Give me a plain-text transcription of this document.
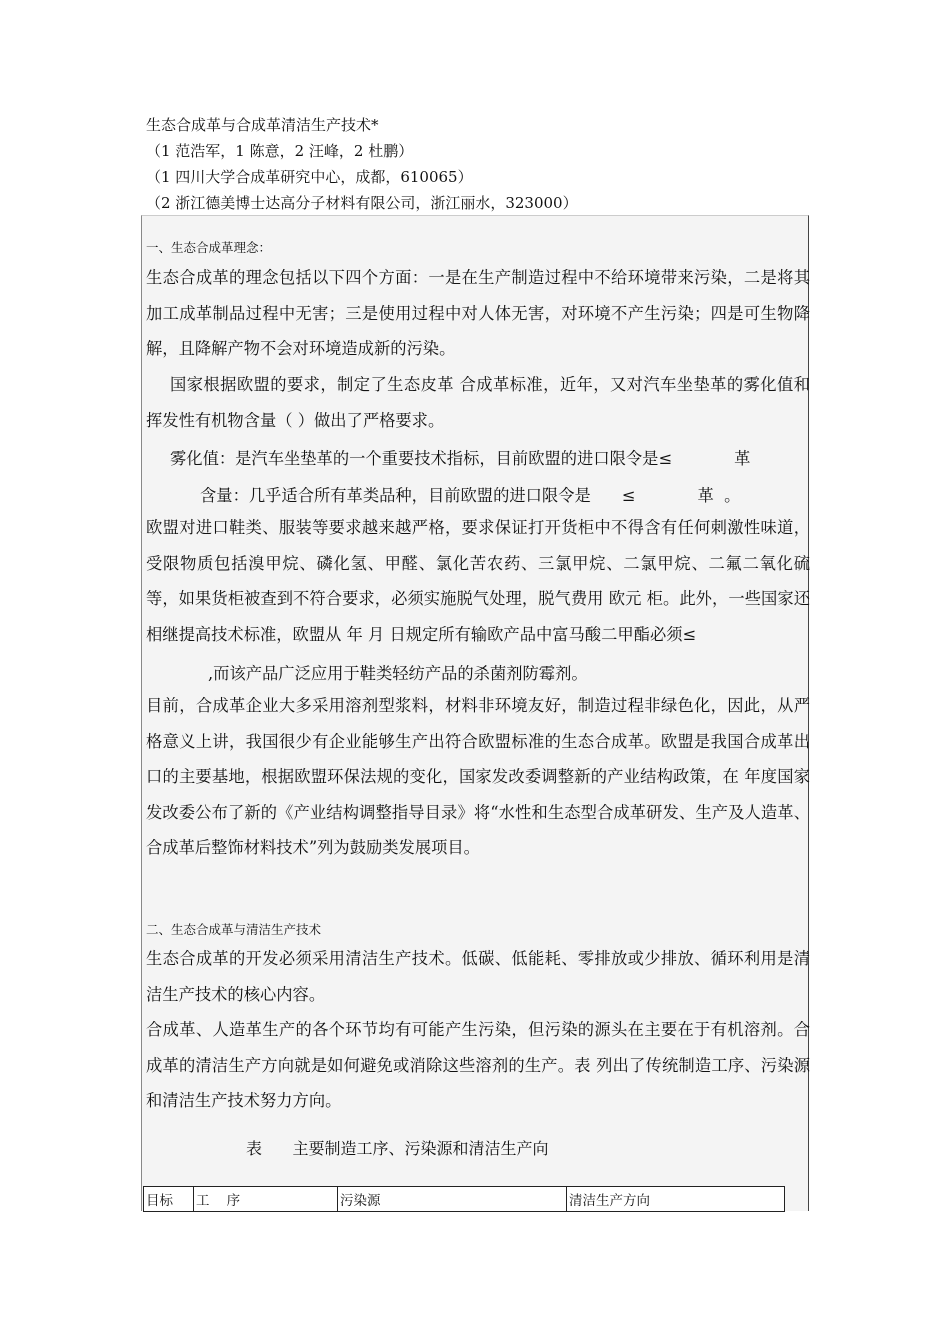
生态合成革与合成革清洁生产技术*
（1 范浩军，1 陈意，2 汪峰，2 杜鹏）
（1 四川大学合成革研究中心，成都，610065）
（2 浙江德美博士达高分子材料有限公司，浙江丽水，323000）
一、生态合成革理念：

生态合成革的理念包括以下四个方面：一是在生产制造过程中不给环境带来污染，二是将其加工成革制品过程中无害；三是使用过程中对人体无害，对环境不产生污染；四是可生物降解，且降解产物不会对环境造成新的污染。

国家根据欧盟的要求，制定了生态皮革 合成革标准，近年，又对汽车坐垫革的雾化值和挥发性有机物含量（ ）做出了严格要求。

雾化值：是汽车坐垫革的一个重要技术指标，目前欧盟的进口限令是≤            革
含量：几乎适合所有革类品种，目前欧盟的进口限令是      ≤            革  。

欧盟对进口鞋类、服装等要求越来越严格，要求保证打开货柜中不得含有任何刺激性味道，受限物质包括溴甲烷、磷化氢、甲醛、氯化苦农药、三氯甲烷、二氯甲烷、二氟二氧化硫等，如果货柜被查到不符合要求，必须实施脱气处理，脱气费用 欧元 柜。此外，一些国家还相继提高技术标准，欧盟从 年 月 日规定所有输欧产品中富马酸二甲酯必须≤

,而该产品广泛应用于鞋类轻纺产品的杀菌剂防霉剂。

目前，合成革企业大多采用溶剂型浆料，材料非环境友好，制造过程非绿色化，因此，从严格意义上讲，我国很少有企业能够生产出符合欧盟标准的生态合成革。欧盟是我国合成革出口的主要基地，根据欧盟环保法规的变化，国家发改委调整新的产业结构政策，在 年度国家发改委公布了新的《产业结构调整指导目录》将“水性和生态型合成革研发、生产及人造革、合成革后整饰材料技术”列为鼓励类发展项目。

二、生态合成革与清洁生产技术

生态合成革的开发必须采用清洁生产技术。低碳、低能耗、零排放或少排放、循环利用是清洁生产技术的核心内容。

合成革、人造革生产的各个环节均有可能产生污染，但污染的源头在主要在于有机溶剂。合成革的清洁生产方向就是如何避免或消除这些溶剂的生产。表 列出了传统制造工序、污染源和清洁生产技术努力方向。

表      主要制造工序、污染源和清洁生产向
目标	工    序	污染源	清洁生产方向
